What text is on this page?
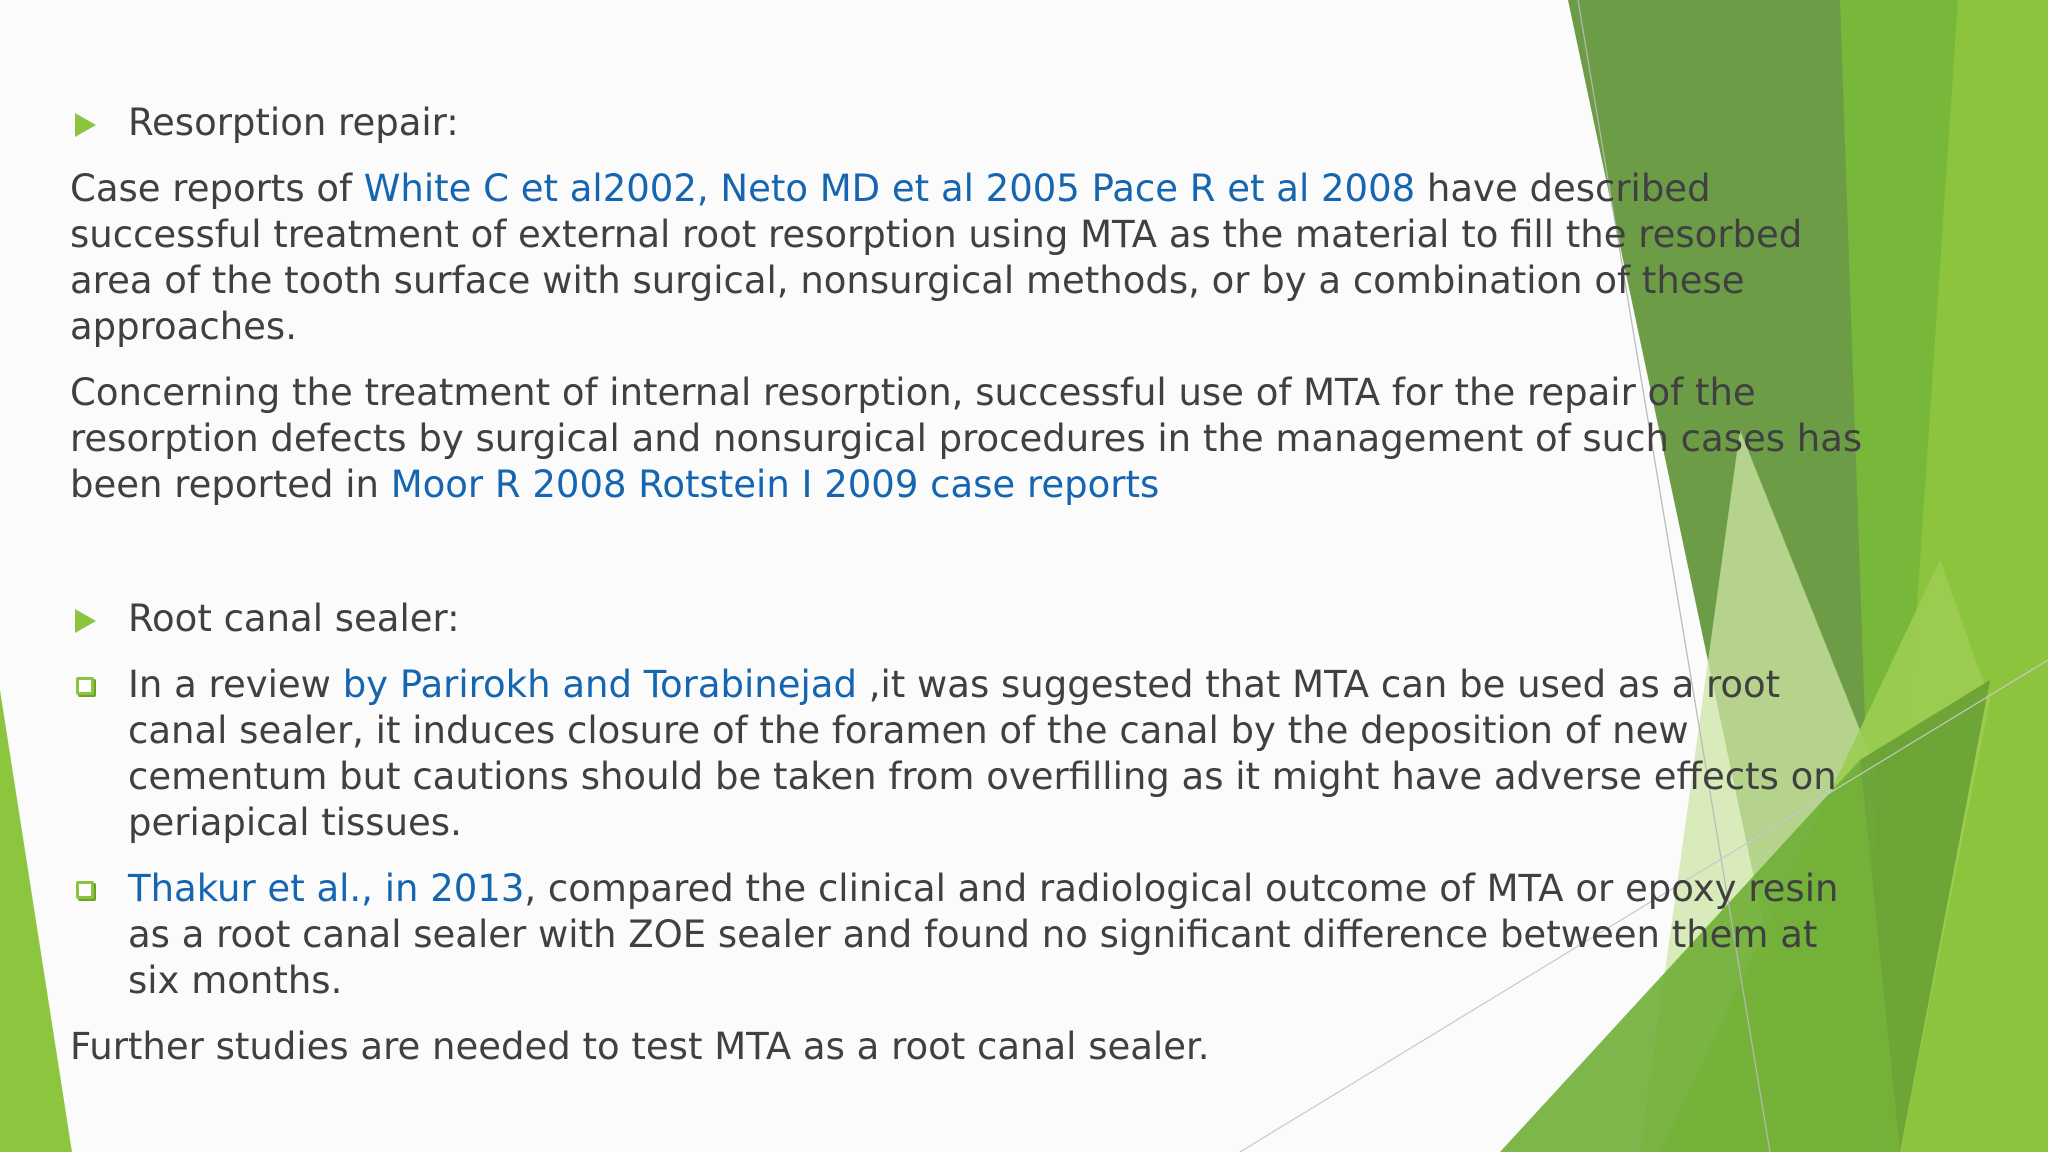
Resorption repair:

Case reports of White C et al2002, Neto MD et al 2005 Pace R et al 2008 have described successful treatment of external root resorption using MTA as the material to fill the resorbed area of the tooth surface with surgical, nonsurgical methods, or by a combination of these approaches.

Concerning the treatment of internal resorption, successful use of MTA for the repair of the resorption defects by surgical and nonsurgical procedures in the management of such cases has been reported in Moor R 2008 Rotstein I 2009 case reports

Root canal sealer:
In a review by Parirokh and Torabinejad ,it was suggested that MTA can be used as a root canal sealer, it induces closure of the foramen of the canal by the deposition of new cementum but cautions should be taken from overfilling as it might have adverse effects on periapical tissues.
Thakur et al., in 2013, compared the clinical and radiological outcome of MTA or epoxy resin as a root canal sealer with ZOE sealer and found no significant difference between them at six months.

Further studies are needed to test MTA as a root canal sealer.
